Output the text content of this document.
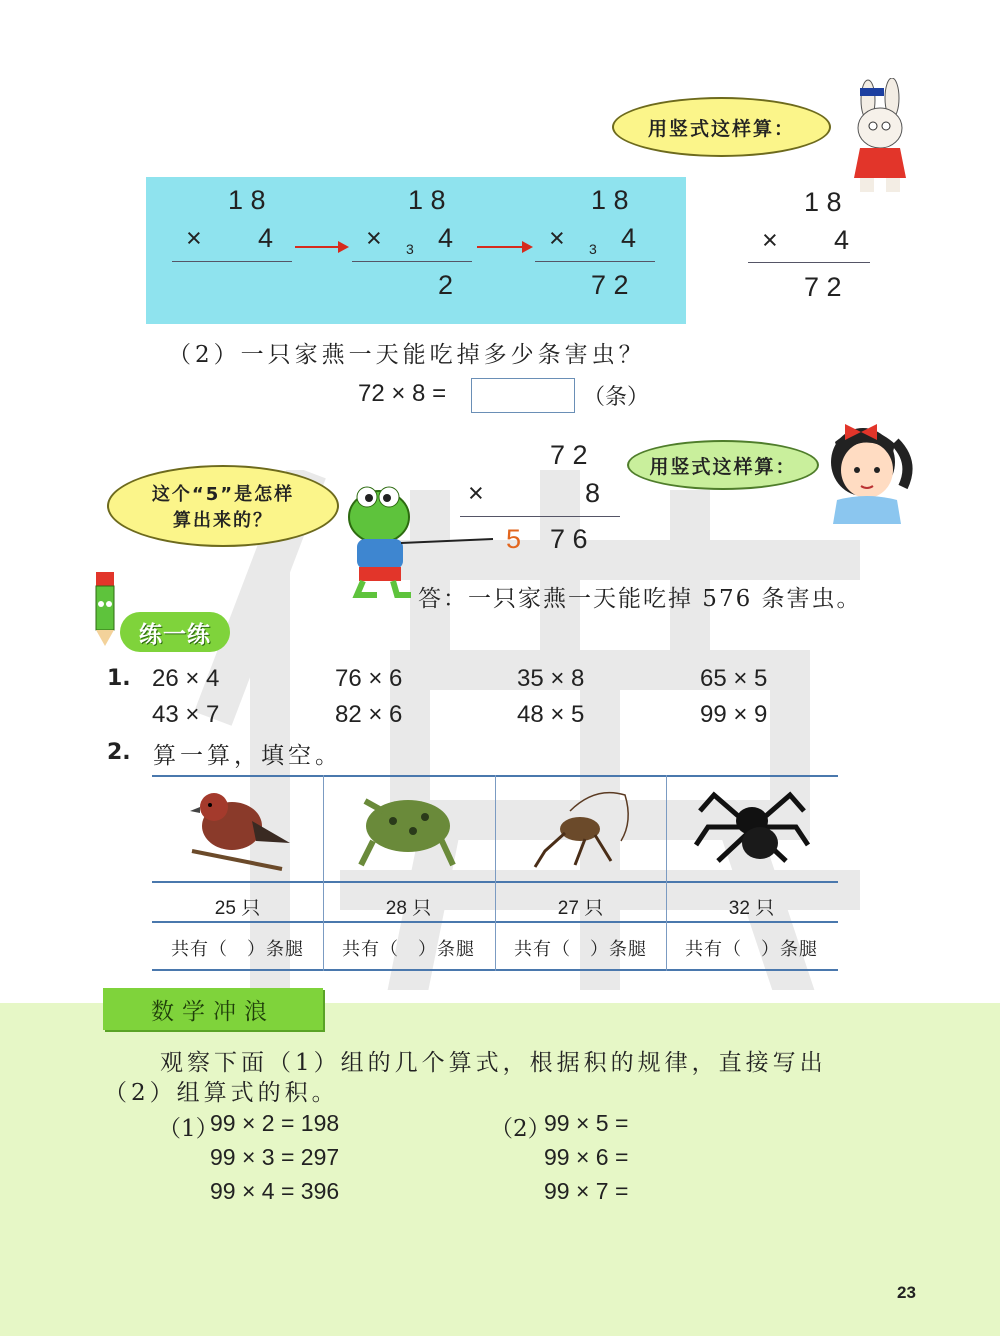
用竖式这样算：
1 8
× 4
1 8
× 3 4
2
1 8
× 3 4
7 2
1 8
× 4
7 2
（2）一只家燕一天能吃掉多少条害虫？
72 × 8 =	（条）
用竖式这样算：
这个“5”是怎样
算出来的？
7 2
×	8
5 7 6
答：一只家燕一天能吃掉 576 条害虫。
练一练
1. 26 × 4	76 × 6	35 × 8	65 × 5
43 × 7	82 × 6	48 × 5	99 × 9
2. 算一算，填空。
25 只
共有（　）条腿
28 只
共有（　）条腿
27 只
共有（　）条腿
32 只
共有（　）条腿
数学冲浪
观察下面（1）组的几个算式，根据积的规律，直接写出
（2）组算式的积。
（1）
99 × 2 = 198
99 × 3 = 297
99 × 4 = 396
（2）
99 × 5 =
99 × 6 =
99 × 7 =
23
